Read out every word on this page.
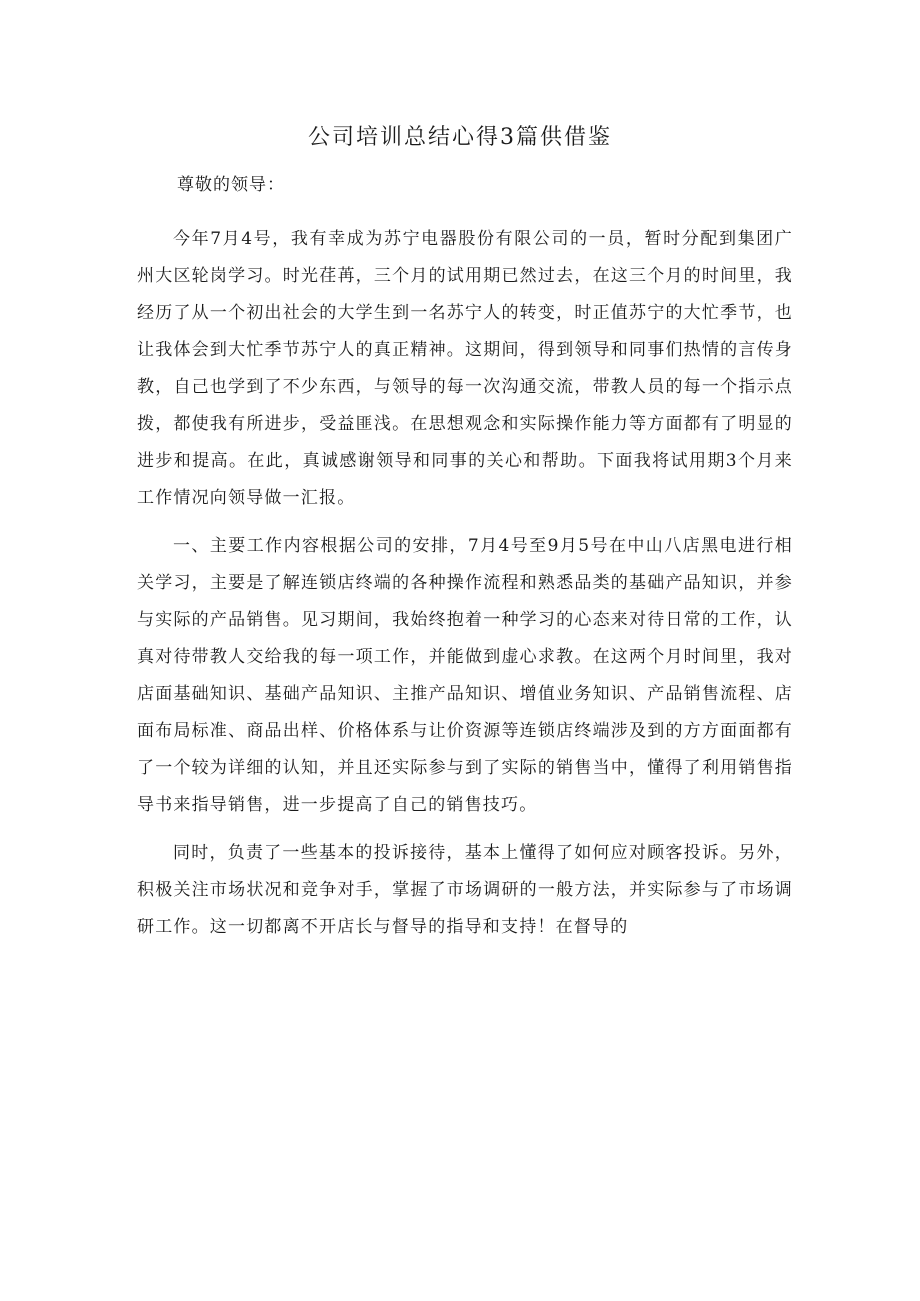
公司培训总结心得3篇供借鉴

尊敬的领导：

今年7月4号，我有幸成为苏宁电器股份有限公司的一员，暂时分配到集团广州大区轮岗学习。时光荏苒，三个月的试用期已然过去，在这三个月的时间里，我经历了从一个初出社会的大学生到一名苏宁人的转变，时正值苏宁的大忙季节，也让我体会到大忙季节苏宁人的真正精神。这期间，得到领导和同事们热情的言传身教，自己也学到了不少东西，与领导的每一次沟通交流，带教人员的每一个指示点拨，都使我有所进步，受益匪浅。在思想观念和实际操作能力等方面都有了明显的进步和提高。在此，真诚感谢领导和同事的关心和帮助。下面我将试用期3个月来工作情况向领导做一汇报。

一、主要工作内容根据公司的安排，7月4号至9月5号在中山八店黑电进行相关学习，主要是了解连锁店终端的各种操作流程和熟悉品类的基础产品知识，并参与实际的产品销售。见习期间，我始终抱着一种学习的心态来对待日常的工作，认真对待带教人交给我的每一项工作，并能做到虚心求教。在这两个月时间里，我对店面基础知识、基础产品知识、主推产品知识、增值业务知识、产品销售流程、店面布局标准、商品出样、价格体系与让价资源等连锁店终端涉及到的方方面面都有了一个较为详细的认知，并且还实际参与到了实际的销售当中，懂得了利用销售指导书来指导销售，进一步提高了自己的销售技巧。

同时，负责了一些基本的投诉接待，基本上懂得了如何应对顾客投诉。另外，积极关注市场状况和竞争对手，掌握了市场调研的一般方法，并实际参与了市场调研工作。这一切都离不开店长与督导的指导和支持！在督导的
